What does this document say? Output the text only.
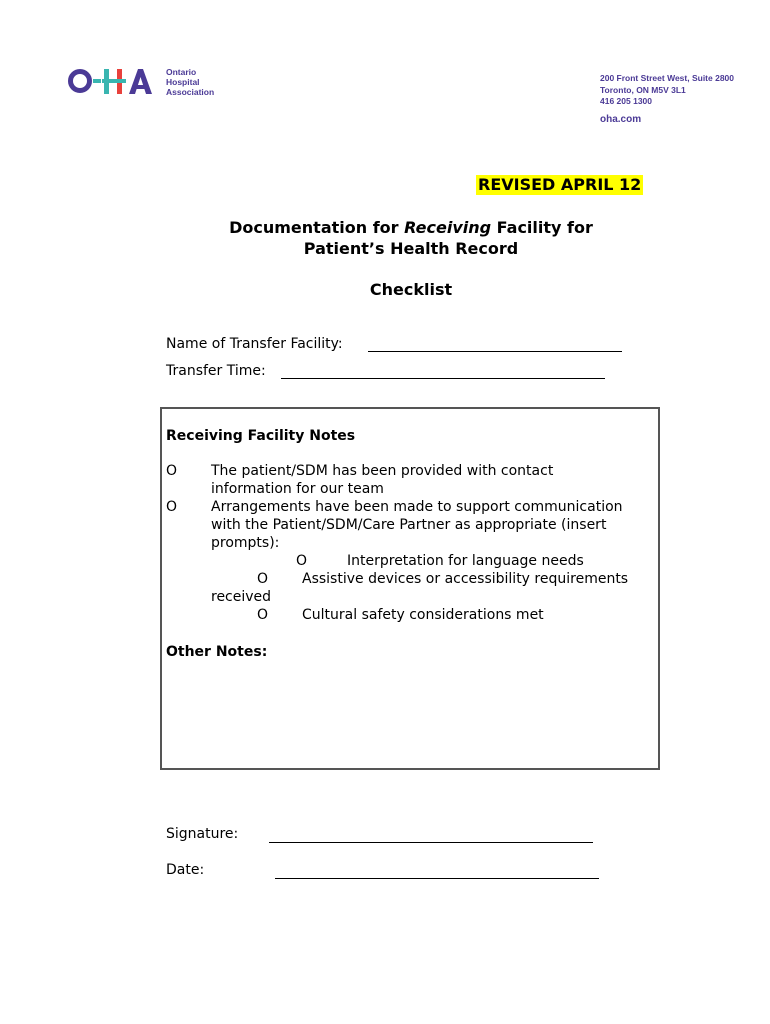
Ontario
Hospital
Association
200 Front Street West, Suite 2800
Toronto, ON M5V 3L1
416 205 1300
oha.com
REVISED APRIL 12
Documentation for Receiving Facility for
Patient’s Health Record
Checklist
Name of Transfer Facility:
Transfer Time:
Receiving Facility Notes
O The patient/SDM has been provided with contact
information for our team
O Arrangements have been made to support communication
with the Patient/SDM/Care Partner as appropriate (insert
prompts):
O	Interpretation for language needs
O Assistive devices or accessibility requirements
received
O Cultural safety considerations met
Other Notes:
Signature:
Date:
